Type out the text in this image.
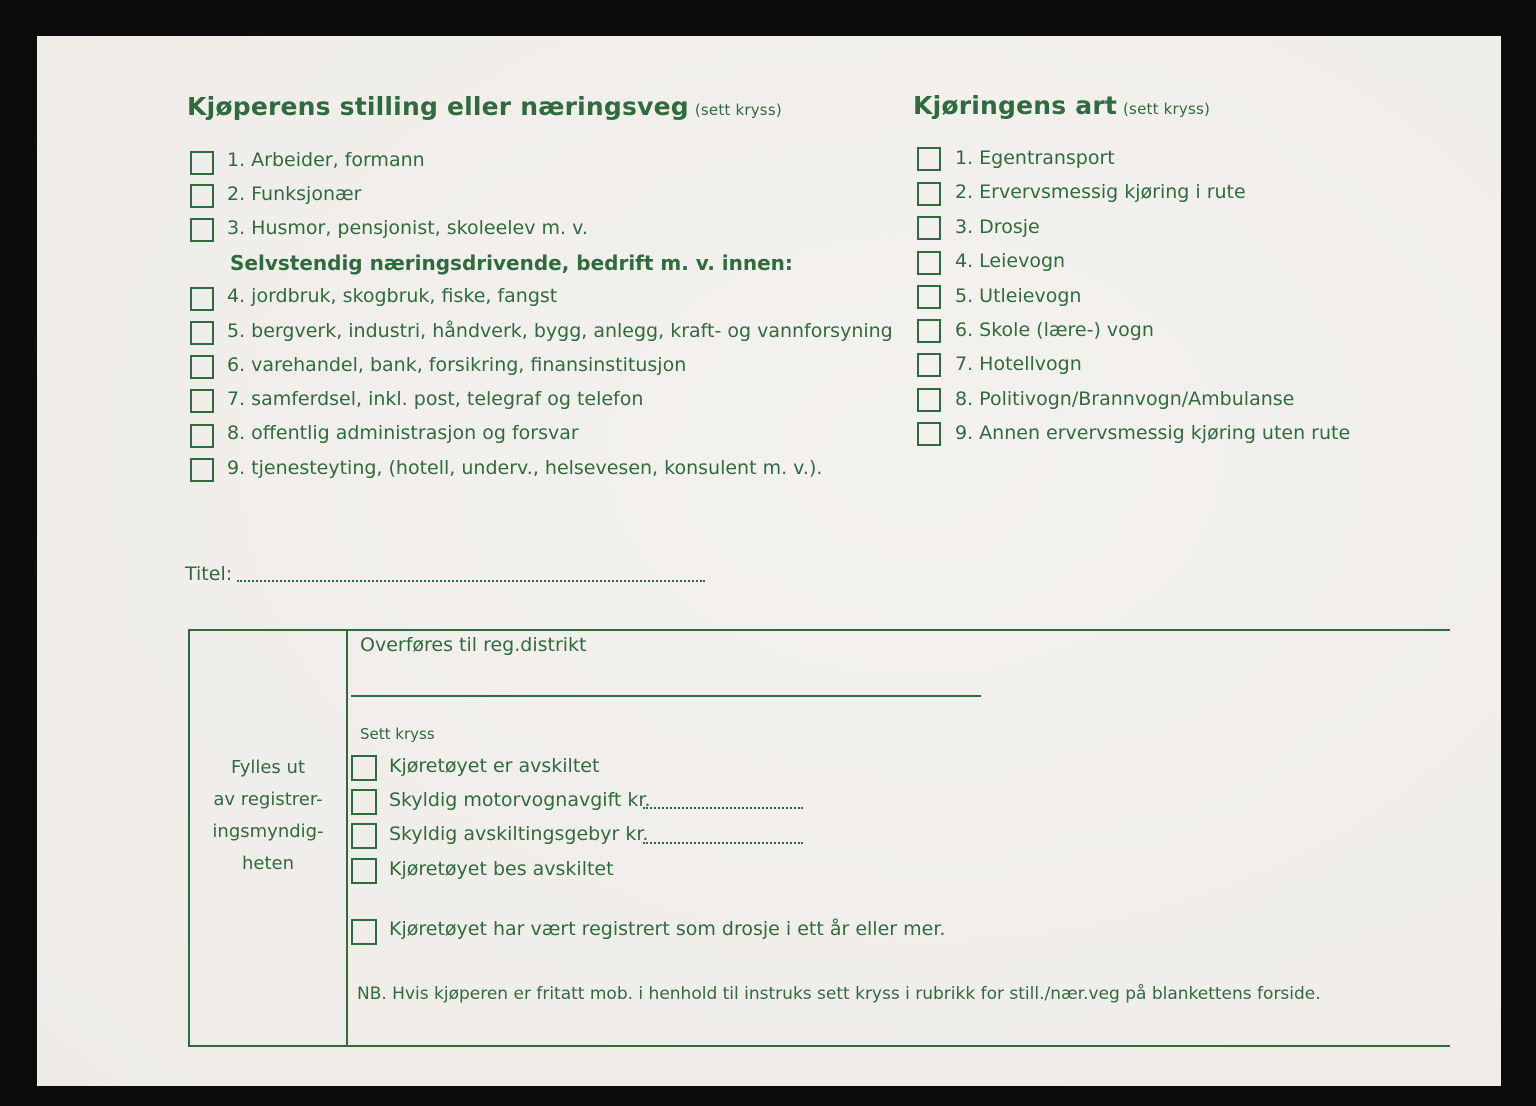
Kjøperens stilling eller næringsveg (sett kryss)
1. Arbeider, formann
2. Funksjonær
3. Husmor, pensjonist, skoleelev m. v.
Selvstendig næringsdrivende, bedrift m. v. innen:
4. jordbruk, skogbruk, fiske, fangst
5. bergverk, industri, håndverk, bygg, anlegg, kraft- og vannforsyning
6. varehandel, bank, forsikring, finansinstitusjon
7. samferdsel, inkl. post, telegraf og telefon
8. offentlig administrasjon og forsvar
9. tjenesteyting, (hotell, underv., helsevesen, konsulent m. v.).
Kjøringens art (sett kryss)
1. Egentransport
2. Ervervsmessig kjøring i rute
3. Drosje
4. Leievogn
5. Utleievogn
6. Skole (lære-) vogn
7. Hotellvogn
8. Politivogn/Brannvogn/Ambulanse
9. Annen ervervsmessig kjøring uten rute
Titel:
Fylles ut
av registrer-
ingsmyndig-
heten
Overføres til reg.distrikt
Sett kryss
Kjøretøyet er avskiltet
Skyldig motorvognavgift kr.
Skyldig avskiltingsgebyr kr.
Kjøretøyet bes avskiltet
Kjøretøyet har vært registrert som drosje i ett år eller mer.
NB. Hvis kjøperen er fritatt mob. i henhold til instruks sett kryss i rubrikk for still./nær.veg på blankettens forside.
